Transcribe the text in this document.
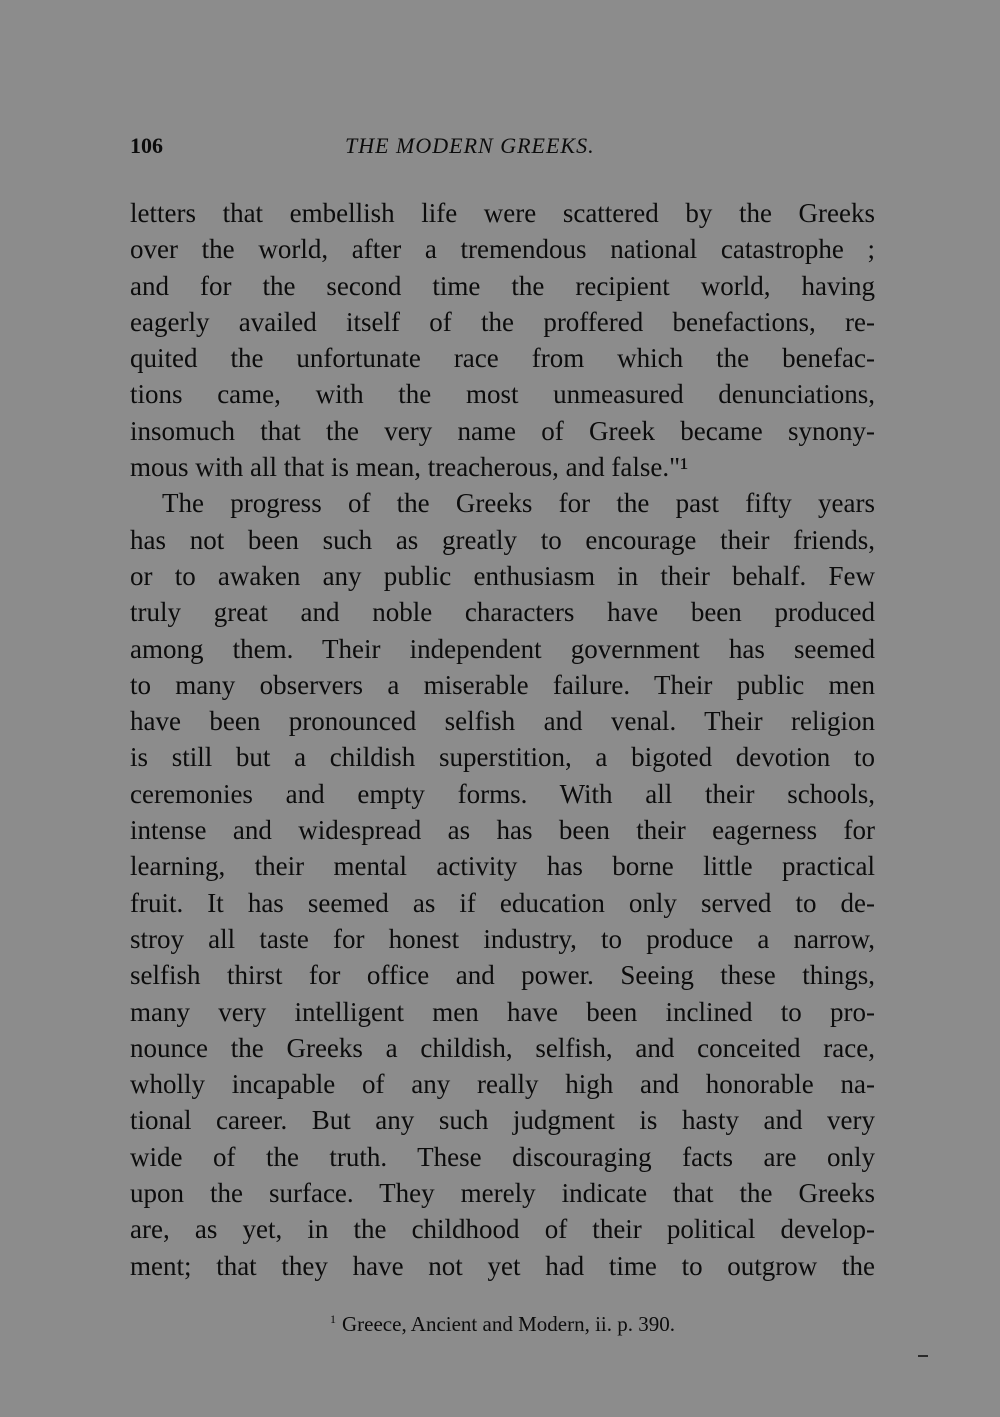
106	THE MODERN GREEKS.
letters that embellish life were scattered by the Greeks
over the world, after a tremendous national catastrophe ;
and for the second time the recipient world, having
eagerly availed itself of the proffered benefactions, re-
quited the unfortunate race from which the benefac-
tions came, with the most unmeasured denunciations,
insomuch that the very name of Greek became synony-
mous with all that is mean, treacherous, and false."¹
The progress of the Greeks for the past fifty years
has not been such as greatly to encourage their friends,
or to awaken any public enthusiasm in their behalf. Few
truly great and noble characters have been produced
among them. Their independent government has seemed
to many observers a miserable failure. Their public men
have been pronounced selfish and venal. Their religion
is still but a childish superstition, a bigoted devotion to
ceremonies and empty forms. With all their schools,
intense and widespread as has been their eagerness for
learning, their mental activity has borne little practical
fruit. It has seemed as if education only served to de-
stroy all taste for honest industry, to produce a narrow,
selfish thirst for office and power. Seeing these things,
many very intelligent men have been inclined to pro-
nounce the Greeks a childish, selfish, and conceited race,
wholly incapable of any really high and honorable na-
tional career. But any such judgment is hasty and very
wide of the truth. These discouraging facts are only
upon the surface. They merely indicate that the Greeks
are, as yet, in the childhood of their political develop-
ment; that they have not yet had time to outgrow the
$^1$ Greece, Ancient and Modern, ii. p. 390.
